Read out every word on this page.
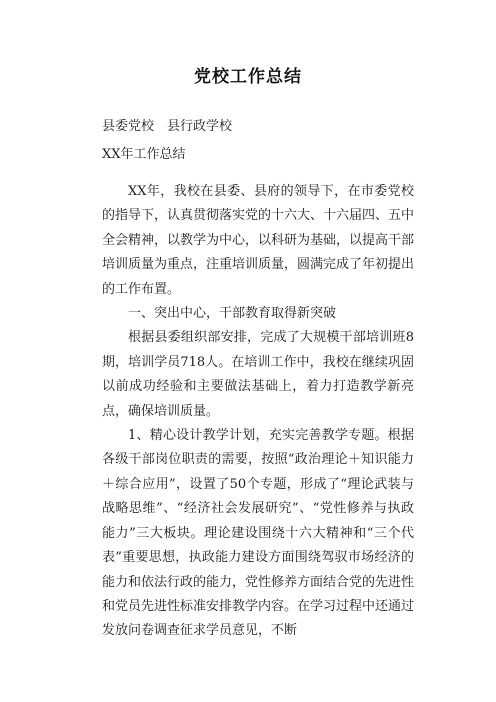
党校工作总结
县委党校　县行政学校
XX年工作总结

XX年，我校在县委、县府的领导下，在市委党校的指导下，认真贯彻落实党的十六大、十六届四、五中全会精神，以教学为中心，以科研为基础，以提高干部培训质量为重点，注重培训质量，圆满完成了年初提出的工作布置。

一、突出中心，干部教育取得新突破

根据县委组织部安排，完成了大规模干部培训班8期，培训学员718人。在培训工作中，我校在继续巩固以前成功经验和主要做法基础上，着力打造教学新亮点，确保培训质量。

1、精心设计教学计划，充实完善教学专题。根据各级干部岗位职责的需要，按照“政治理论＋知识能力＋综合应用”，设置了50个专题，形成了“理论武装与战略思维”、“经济社会发展研究”、“党性修养与执政能力”三大板块。理论建设围绕十六大精神和“三个代表”重要思想，执政能力建设方面围绕驾驭市场经济的能力和依法行政的能力，党性修养方面结合党的先进性和党员先进性标准安排教学内容。在学习过程中还通过发放问卷调查征求学员意见，不断
